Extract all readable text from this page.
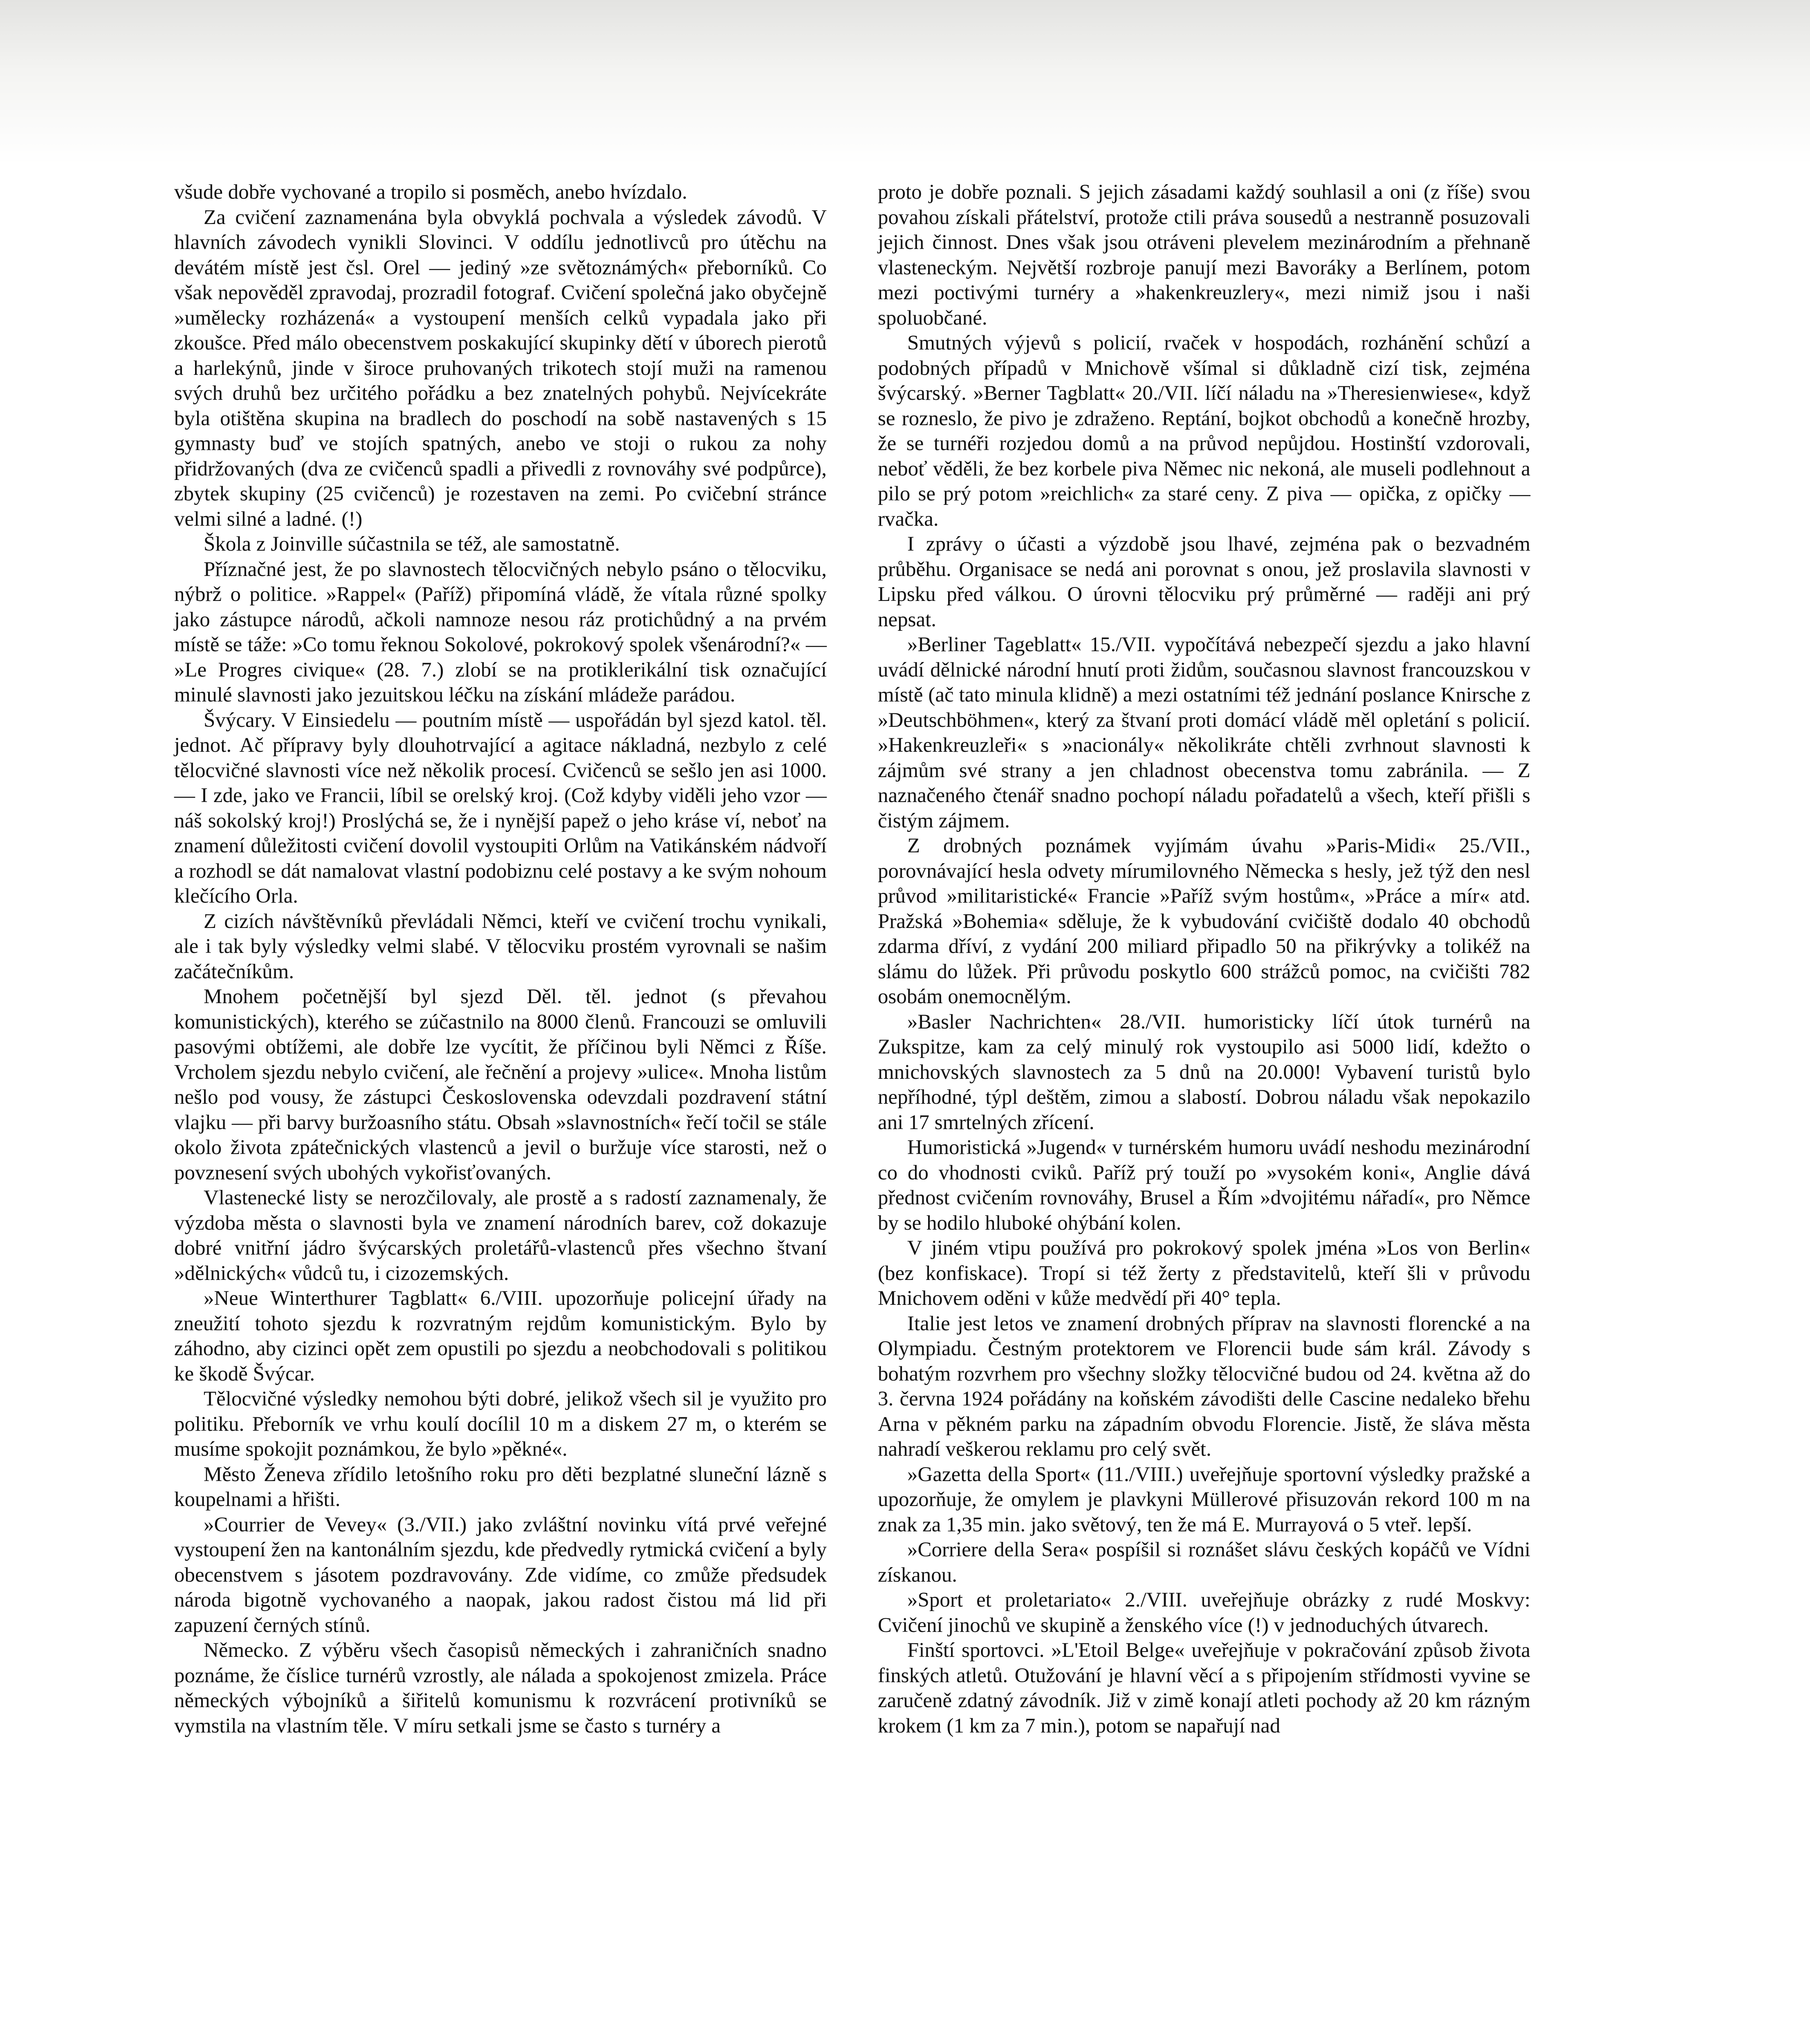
všude dobře vychované a tropilo si posměch, anebo hvízdalo.

Za cvičení zaznamenána byla obvyklá pochvala a výsledek závodů. V hlavních závodech vynikli Slovinci. V oddílu jednotlivců pro útěchu na devátém místě jest čsl. Orel — jediný »ze světoznámých« přeborníků. Co však nepověděl zpravodaj, prozradil fotograf. Cvičení společná jako obyčejně »umělecky rozházená« a vystoupení menších celků vypadala jako při zkoušce. Před málo obecenstvem poskakující skupinky dětí v úborech pierotů a harlekýnů, jinde v široce pruhovaných trikotech stojí muži na ramenou svých druhů bez určitého pořádku a bez znatelných pohybů. Nejvícekráte byla otištěna skupina na bradlech do poschodí na sobě nastavených s 15 gymnasty buď ve stojích spatných, anebo ve stoji o rukou za nohy přidržovaných (dva ze cvičenců spadli a přivedli z rovnováhy své podpůrce), zbytek skupiny (25 cvičenců) je rozestaven na zemi. Po cvičební stránce velmi silné a ladné. (!)

Škola z Joinville súčastnila se též, ale samostatně.

Příznačné jest, že po slavnostech tělocvičných nebylo psáno o tělocviku, nýbrž o politice. »Rappel« (Paříž) připomíná vládě, že vítala různé spolky jako zástupce národů, ačkoli namnoze nesou ráz protichůdný a na prvém místě se táže: »Co tomu řeknou Sokolové, pokrokový spolek všenárodní?« — »Le Progres civique« (28. 7.) zlobí se na protiklerikální tisk označující minulé slavnosti jako jezuitskou léčku na získání mládeže parádou.

Švýcary. V Einsiedelu — poutním místě — uspořádán byl sjezd katol. těl. jednot. Ač přípravy byly dlouhotrvající a agitace nákladná, nezbylo z celé tělocvičné slavnosti více než několik procesí. Cvičenců se sešlo jen asi 1000. — I zde, jako ve Francii, líbil se orelský kroj. (Což kdyby viděli jeho vzor — náš sokolský kroj!) Proslýchá se, že i nynější papež o jeho kráse ví, neboť na znamení důležitosti cvičení dovolil vystoupiti Orlům na Vatikánském nádvoří a rozhodl se dát namalovat vlastní podobiznu celé postavy a ke svým nohoum klečícího Orla.

Z cizích návštěvníků převládali Němci, kteří ve cvičení trochu vynikali, ale i tak byly výsledky velmi slabé. V tělocviku prostém vyrovnali se našim začátečníkům.

Mnohem početnější byl sjezd Děl. těl. jednot (s převahou komunistických), kterého se zúčastnilo na 8000 členů. Francouzi se omluvili pasovými obtížemi, ale dobře lze vycítit, že příčinou byli Němci z Říše. Vrcholem sjezdu nebylo cvičení, ale řečnění a projevy »ulice«. Mnoha listům nešlo pod vousy, že zástupci Československa odevzdali pozdravení státní vlajku — při barvy buržoasního státu. Obsah »slavnostních« řečí točil se stále okolo života zpátečnických vlastenců a jevil o buržuje více starosti, než o povznesení svých ubohých vykořisťovaných.

Vlastenecké listy se nerozčilovaly, ale prostě a s radostí zaznamenaly, že výzdoba města o slavnosti byla ve znamení národních barev, což dokazuje dobré vnitřní jádro švýcarských proletářů-vlastenců přes všechno štvaní »dělnických« vůdců tu, i cizozemských.

»Neue Winterthurer Tagblatt« 6./VIII. upozorňuje policejní úřady na zneužití tohoto sjezdu k rozvratným rejdům komunistickým. Bylo by záhodno, aby cizinci opět zem opustili po sjezdu a neobchodovali s politikou ke škodě Švýcar.

Tělocvičné výsledky nemohou býti dobré, jelikož všech sil je využito pro politiku. Přeborník ve vrhu koulí docílil 10 m a diskem 27 m, o kterém se musíme spokojit poznámkou, že bylo »pěkné«.

Město Ženeva zřídilo letošního roku pro děti bezplatné sluneční lázně s koupelnami a hřišti.

»Courrier de Vevey« (3./VII.) jako zvláštní novinku vítá prvé veřejné vystoupení žen na kantonálním sjezdu, kde předvedly rytmická cvičení a byly obecenstvem s jásotem pozdravovány. Zde vidíme, co zmůže předsudek národa bigotně vychovaného a naopak, jakou radost čistou má lid při zapuzení černých stínů.

Německo. Z výběru všech časopisů německých i zahraničních snadno poznáme, že číslice turnérů vzrostly, ale nálada a spokojenost zmizela. Práce německých výbojníků a šiřitelů komunismu k rozvrácení protivníků se vymstila na vlastním těle. V míru setkali jsme se často s turnéry a

proto je dobře poznali. S jejich zásadami každý souhlasil a oni (z říše) svou povahou získali přátelství, protože ctili práva sousedů a nestranně posuzovali jejich činnost. Dnes však jsou otráveni plevelem mezinárodním a přehnaně vlasteneckým. Největší rozbroje panují mezi Bavoráky a Berlínem, potom mezi poctivými turnéry a »hakenkreuzlery«, mezi nimiž jsou i naši spoluobčané.

Smutných výjevů s policií, rvaček v hospodách, rozhánění schůzí a podobných případů v Mnichově všímal si důkladně cizí tisk, zejména švýcarský. »Berner Tagblatt« 20./VII. líčí náladu na »Theresienwiese«, když se rozneslo, že pivo je zdraženo. Reptání, bojkot obchodů a konečně hrozby, že se turnéři rozjedou domů a na průvod nepůjdou. Hostinští vzdorovali, neboť věděli, že bez korbele piva Němec nic nekoná, ale museli podlehnout a pilo se prý potom »reichlich« za staré ceny. Z piva — opička, z opičky — rvačka.

I zprávy o účasti a výzdobě jsou lhavé, zejména pak o bezvadném průběhu. Organisace se nedá ani porovnat s onou, jež proslavila slavnosti v Lipsku před válkou. O úrovni tělocviku prý průměrné — raději ani prý nepsat.

»Berliner Tageblatt« 15./VII. vypočítává nebezpečí sjezdu a jako hlavní uvádí dělnické národní hnutí proti židům, současnou slavnost francouzskou v místě (ač tato minula klidně) a mezi ostatními též jednání poslance Knirsche z »Deutschböhmen«, který za štvaní proti domácí vládě měl opletání s policií. »Hakenkreuzleři« s »nacionály« několikráte chtěli zvrhnout slavnosti k zájmům své strany a jen chladnost obecenstva tomu zabránila. — Z naznačeného čtenář snadno pochopí náladu pořadatelů a všech, kteří přišli s čistým zájmem.

Z drobných poznámek vyjímám úvahu »Paris-Midi« 25./VII., porovnávající hesla odvety mírumilovného Německa s hesly, jež týž den nesl průvod »militaristické« Francie »Paříž svým hostům«, »Práce a mír« atd. Pražská »Bohemia« sděluje, že k vybudování cvičiště dodalo 40 obchodů zdarma dříví, z vydání 200 miliard připadlo 50 na přikrývky a tolikéž na slámu do lůžek. Při průvodu poskytlo 600 strážců pomoc, na cvičišti 782 osobám onemocnělým.

»Basler Nachrichten« 28./VII. humoristicky líčí útok turnérů na Zukspitze, kam za celý minulý rok vystoupilo asi 5000 lidí, kdežto o mnichovských slavnostech za 5 dnů na 20.000! Vybavení turistů bylo nepříhodné, týpl deštěm, zimou a slabostí. Dobrou náladu však nepokazilo ani 17 smrtelných zřícení.

Humoristická »Jugend« v turnérském humoru uvádí neshodu mezinárodní co do vhodnosti cviků. Paříž prý touží po »vysokém koni«, Anglie dává přednost cvičením rovnováhy, Brusel a Řím »dvojitému nářadí«, pro Němce by se hodilo hluboké ohýbání kolen.

V jiném vtipu používá pro pokrokový spolek jména »Los von Berlin« (bez konfiskace). Tropí si též žerty z představitelů, kteří šli v průvodu Mnichovem oděni v kůže medvědí při 40° tepla.

Italie jest letos ve znamení drobných příprav na slavnosti florencké a na Olympiadu. Čestným protektorem ve Florencii bude sám král. Závody s bohatým rozvrhem pro všechny složky tělocvičné budou od 24. května až do 3. června 1924 pořádány na koňském závodišti delle Cascine nedaleko břehu Arna v pěkném parku na západním obvodu Florencie. Jistě, že sláva města nahradí veškerou reklamu pro celý svět.

»Gazetta della Sport« (11./VIII.) uveřejňuje sportovní výsledky pražské a upozorňuje, že omylem je plavkyni Müllerové přisuzován rekord 100 m na znak za 1,35 min. jako světový, ten že má E. Murrayová o 5 vteř. lepší.

»Corriere della Sera« pospíšil si roznášet slávu českých kopáčů ve Vídni získanou.

»Sport et proletariato« 2./VIII. uveřejňuje obrázky z rudé Moskvy: Cvičení jinochů ve skupině a ženského více (!) v jednoduchých útvarech.

Finští sportovci. »L'Etoil Belge« uveřejňuje v pokračování způsob života finských atletů. Otužování je hlavní věcí a s připojením střídmosti vyvine se zaručeně zdatný závodník. Již v zimě konají atleti pochody až 20 km rázným krokem (1 km za 7 min.), potom se napařují nad
